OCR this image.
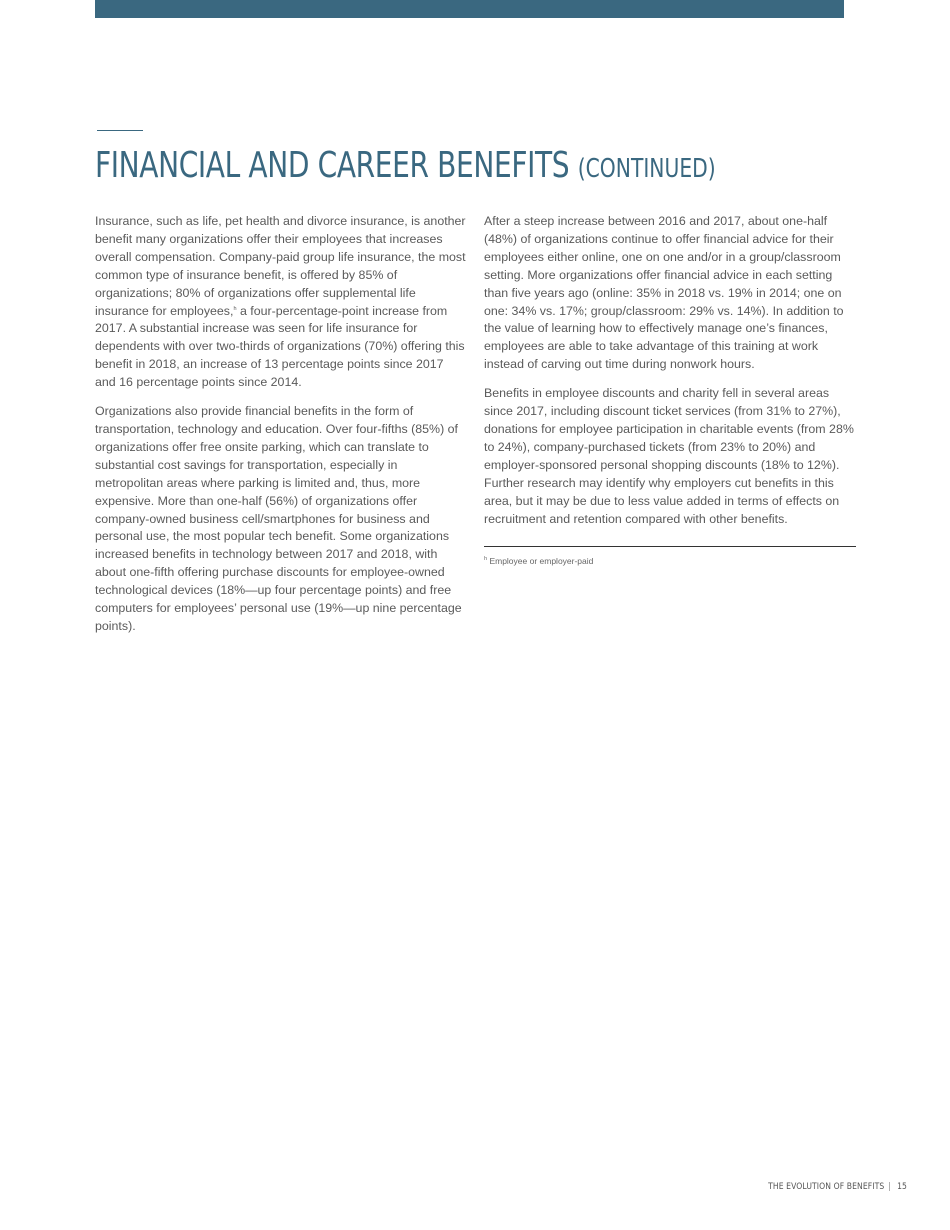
FINANCIAL AND CAREER BENEFITS (CONTINUED)

Insurance, such as life, pet health and divorce insurance, is another benefit many organizations offer their employees that increases overall compensation. Company-paid group life insurance, the most common type of insurance benefit, is offered by 85% of organizations; 80% of organizations offer supplemental life insurance for employees,$^h$ a four-percentage-point increase from 2017. A substantial increase was seen for life insurance for dependents with over two-thirds of organizations (70%) offering this benefit in 2018, an increase of 13 percentage points since 2017 and 16 percentage points since 2014.

Organizations also provide financial benefits in the form of transportation, technology and education. Over four-fifths (85%) of organizations offer free onsite parking, which can translate to substantial cost savings for transportation, especially in metropolitan areas where parking is limited and, thus, more expensive. More than one-half (56%) of organizations offer company-owned business cell/smartphones for business and personal use, the most popular tech benefit. Some organizations increased benefits in technology between 2017 and 2018, with about one-fifth offering purchase discounts for employee-owned technological devices (18%—up four percentage points) and free computers for employees’ personal use (19%—up nine percentage points).

After a steep increase between 2016 and 2017, about one-half (48%) of organizations continue to offer financial advice for their employees either online, one on one and/or in a group/classroom setting. More organizations offer financial advice in each setting than five years ago (online: 35% in 2018 vs. 19% in 2014; one on one: 34% vs. 17%; group/classroom: 29% vs. 14%). In addition to the value of learning how to effectively manage one’s finances, employees are able to take advantage of this training at work instead of carving out time during nonwork hours.

Benefits in employee discounts and charity fell in several areas since 2017, including discount ticket services (from 31% to 27%), donations for employee participation in charitable events (from 28% to 24%), company-purchased tickets (from 23% to 20%) and employer-sponsored personal shopping discounts (18% to 12%). Further research may identify why employers cut benefits in this area, but it may be due to less value added in terms of effects on recruitment and retention compared with other benefits.

$^h$ Employee or employer-paid
THE EVOLUTION OF BENEFITS | 15
